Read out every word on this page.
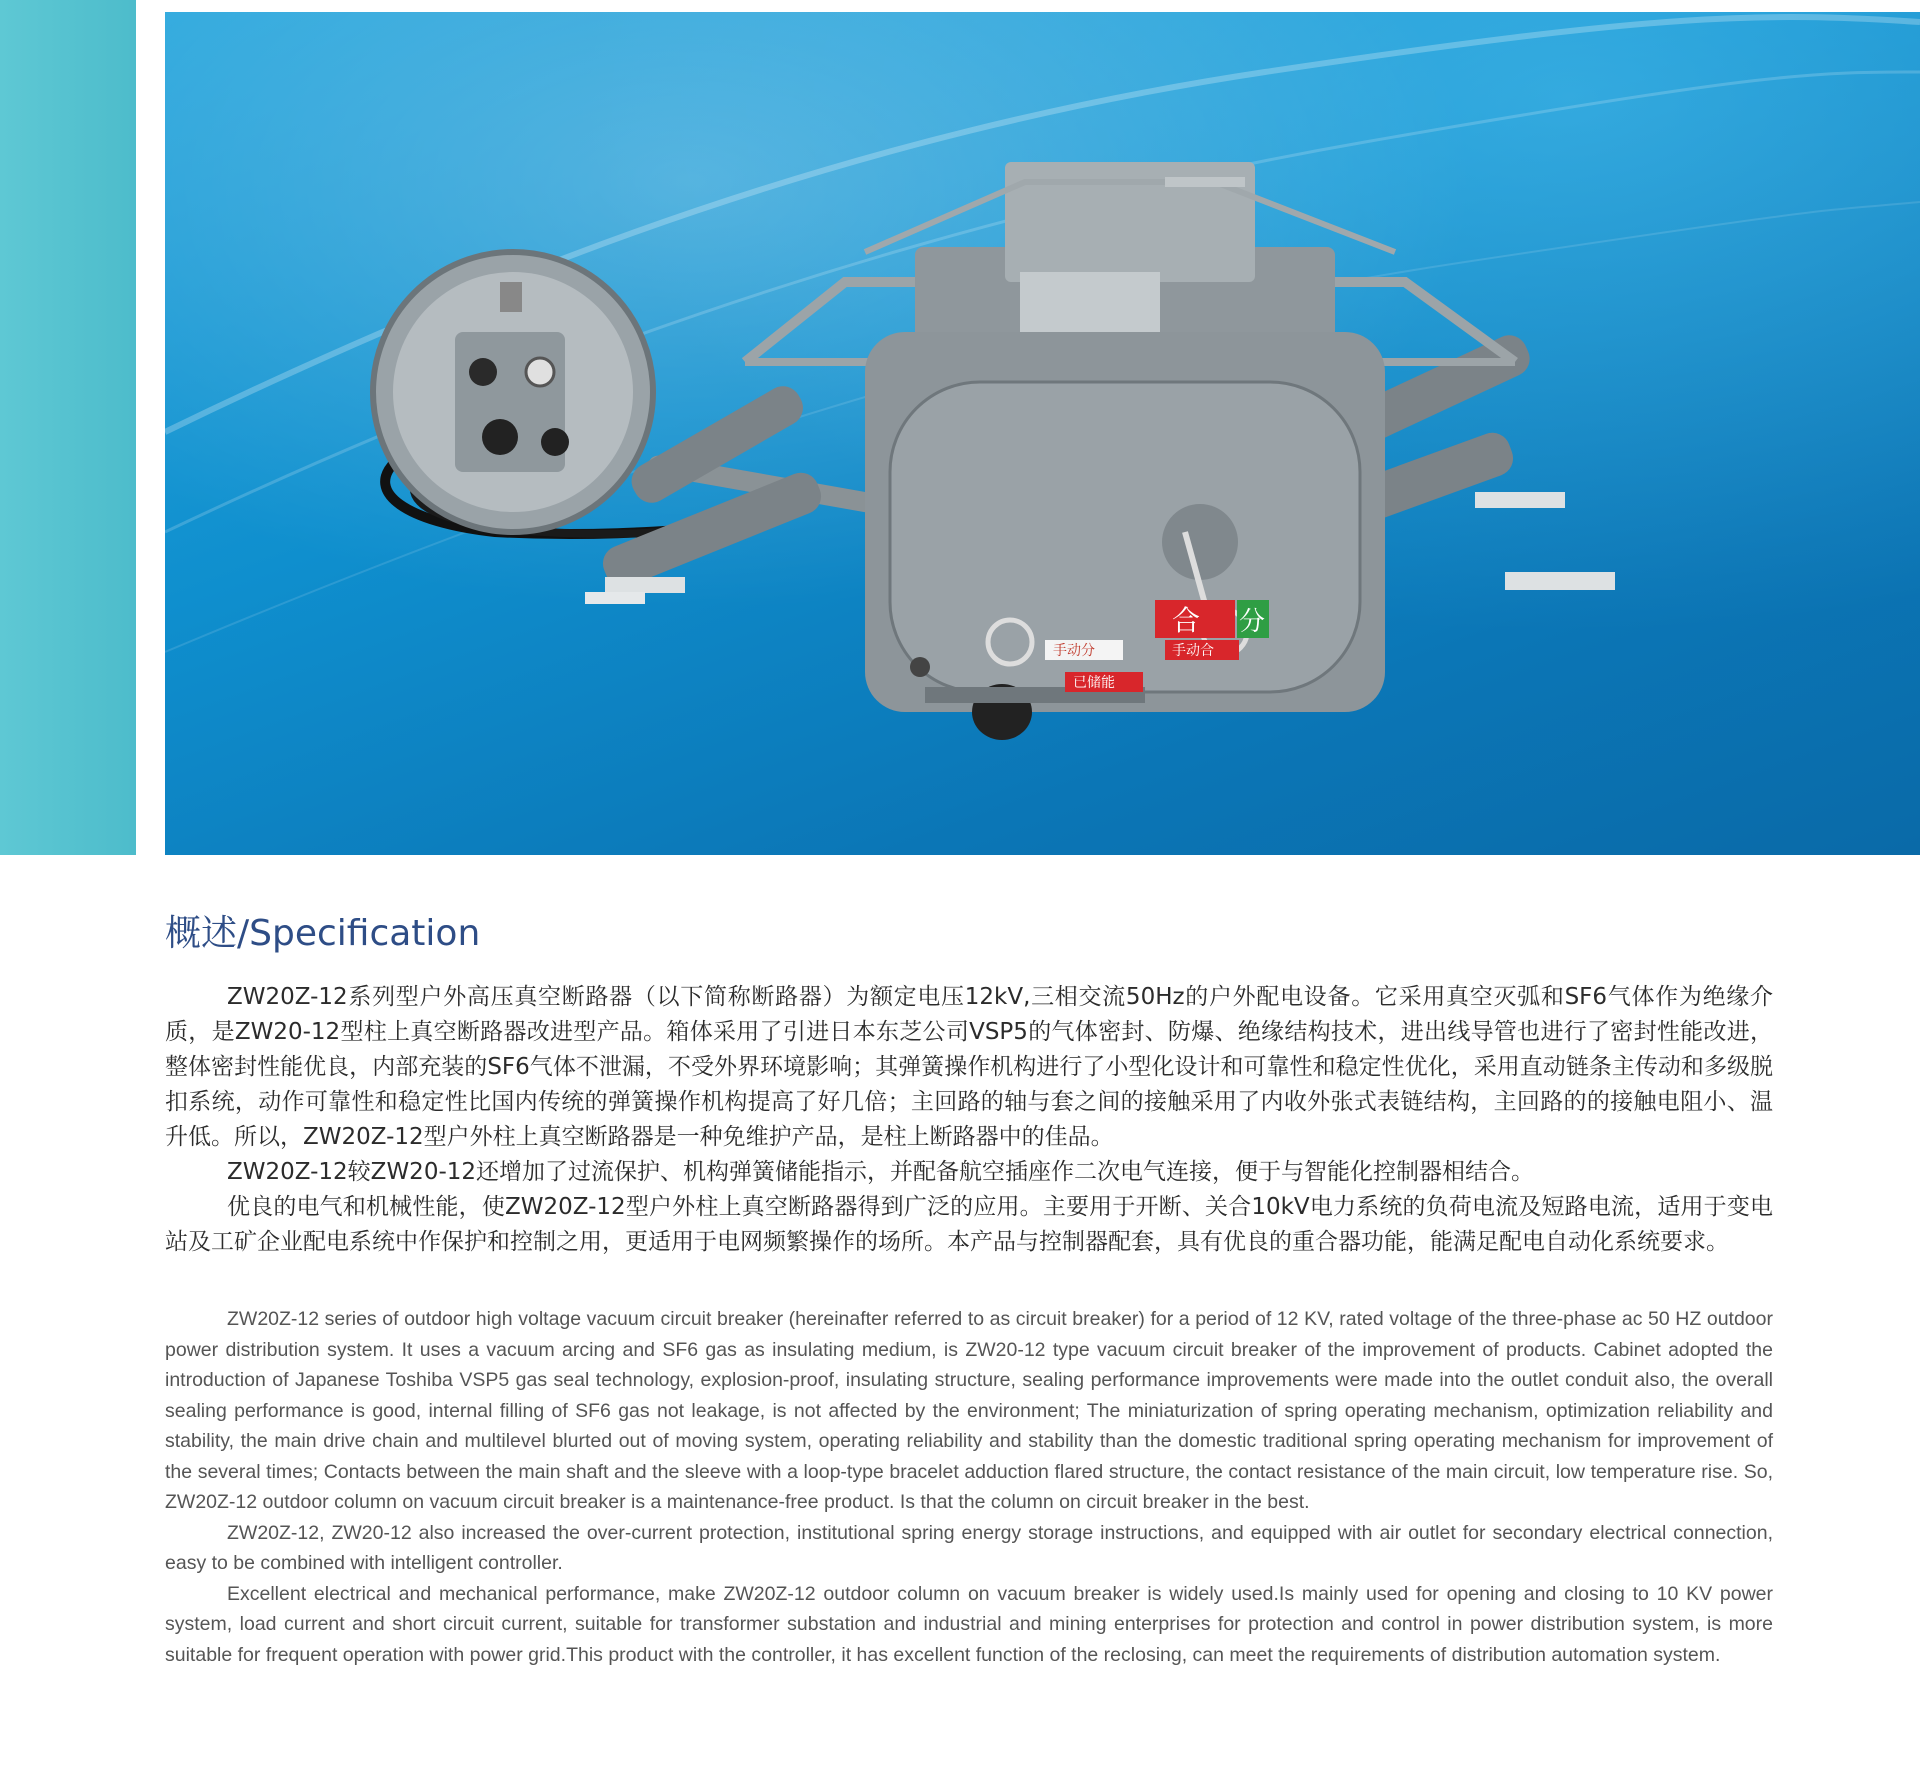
合 分
手动分	手动合
已储能
概述/Specification

ZW20Z-12系列型户外高压真空断路器（以下简称断路器）为额定电压12kV,三相交流50Hz的户外配电设备。它采用真空灭弧和SF6气体作为绝缘介质，是ZW20-12型柱上真空断路器改进型产品。箱体采用了引进日本东芝公司VSP5的气体密封、防爆、绝缘结构技术，进出线导管也进行了密封性能改进，整体密封性能优良，内部充装的SF6气体不泄漏，不受外界环境影响；其弹簧操作机构进行了小型化设计和可靠性和稳定性优化，采用直动链条主传动和多级脱扣系统，动作可靠性和稳定性比国内传统的弹簧操作机构提高了好几倍；主回路的轴与套之间的接触采用了内收外张式表链结构，主回路的的接触电阻小、温升低。所以，ZW20Z-12型户外柱上真空断路器是一种免维护产品，是柱上断路器中的佳品。

ZW20Z-12较ZW20-12还增加了过流保护、机构弹簧储能指示，并配备航空插座作二次电气连接，便于与智能化控制器相结合。

优良的电气和机械性能，使ZW20Z-12型户外柱上真空断路器得到广泛的应用。主要用于开断、关合10kV电力系统的负荷电流及短路电流，适用于变电站及工矿企业配电系统中作保护和控制之用，更适用于电网频繁操作的场所。本产品与控制器配套，具有优良的重合器功能，能满足配电自动化系统要求。

ZW20Z-12 series of outdoor high voltage vacuum circuit breaker (hereinafter referred to as circuit breaker) for a period of 12 KV, rated voltage of the three-phase ac 50 HZ outdoor power distribution system. It uses a vacuum arcing and SF6 gas as insulating medium, is ZW20-12 type vacuum circuit breaker of the improvement of products. Cabinet adopted the introduction of Japanese Toshiba VSP5 gas seal technology, explosion-proof, insulating structure, sealing performance improvements were made into the outlet conduit also, the overall sealing performance is good, internal filling of SF6 gas not leakage, is not affected by the environment; The miniaturization of spring operating mechanism, optimization reliability and stability, the main drive chain and multilevel blurted out of moving system, operating reliability and stability than the domestic traditional spring operating mechanism for improvement of the several times; Contacts between the main shaft and the sleeve with a loop-type bracelet adduction flared structure, the contact resistance of the main circuit, low temperature rise. So, ZW20Z-12 outdoor column on vacuum circuit breaker is a maintenance-free product. Is that the column on circuit breaker in the best.

ZW20Z-12, ZW20-12 also increased the over-current protection, institutional spring energy storage instructions, and equipped with air outlet for secondary electrical connection, easy to be combined with intelligent controller.

Excellent electrical and mechanical performance, make ZW20Z-12 outdoor column on vacuum breaker is widely used.Is mainly used for opening and closing to 10 KV power system, load current and short circuit current, suitable for transformer substation and industrial and mining enterprises for protection and control in power distribution system, is more suitable for frequent operation with power grid.This product with the controller, it has excellent function of the reclosing, can meet the requirements of distribution automation system.
